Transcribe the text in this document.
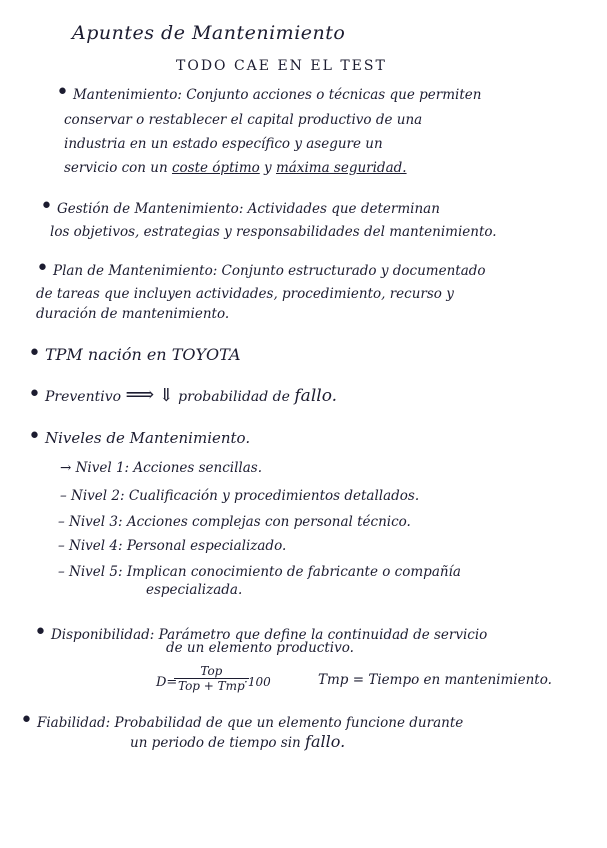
Apuntes de Mantenimiento
TODO CAE EN EL TEST
• Mantenimiento: Conjunto acciones o técnicas que permiten
conservar o restablecer el capital productivo de una
industria en un estado específico y asegure un
servicio con un coste óptimo y máxima seguridad.
• Gestión de Mantenimiento: Actividades que determinan
los objetivos, estrategias y responsabilidades del mantenimiento.
• Plan de Mantenimiento: Conjunto estructurado y documentado
de tareas que incluyen actividades, procedimiento, recurso y
duración de mantenimiento.
• TPM nación en TOYOTA
• Preventivo ⟹ ⇓ probabilidad de fallo.
• Niveles de Mantenimiento.
→ Nivel 1: Acciones sencillas.
– Nivel 2: Cualificación y procedimientos detallados.
– Nivel 3: Acciones complejas con personal técnico.
– Nivel 4: Personal especializado.
– Nivel 5: Implican conocimiento de fabricante o compañía
especializada.
• Disponibilidad: Parámetro que define la continuidad de servicio
de un elemento productivo.
D=
Top
Top + Tmp ·100	Tmp = Tiempo en mantenimiento.
• Fiabilidad: Probabilidad de que un elemento funcione durante
un periodo de tiempo sin fallo.
